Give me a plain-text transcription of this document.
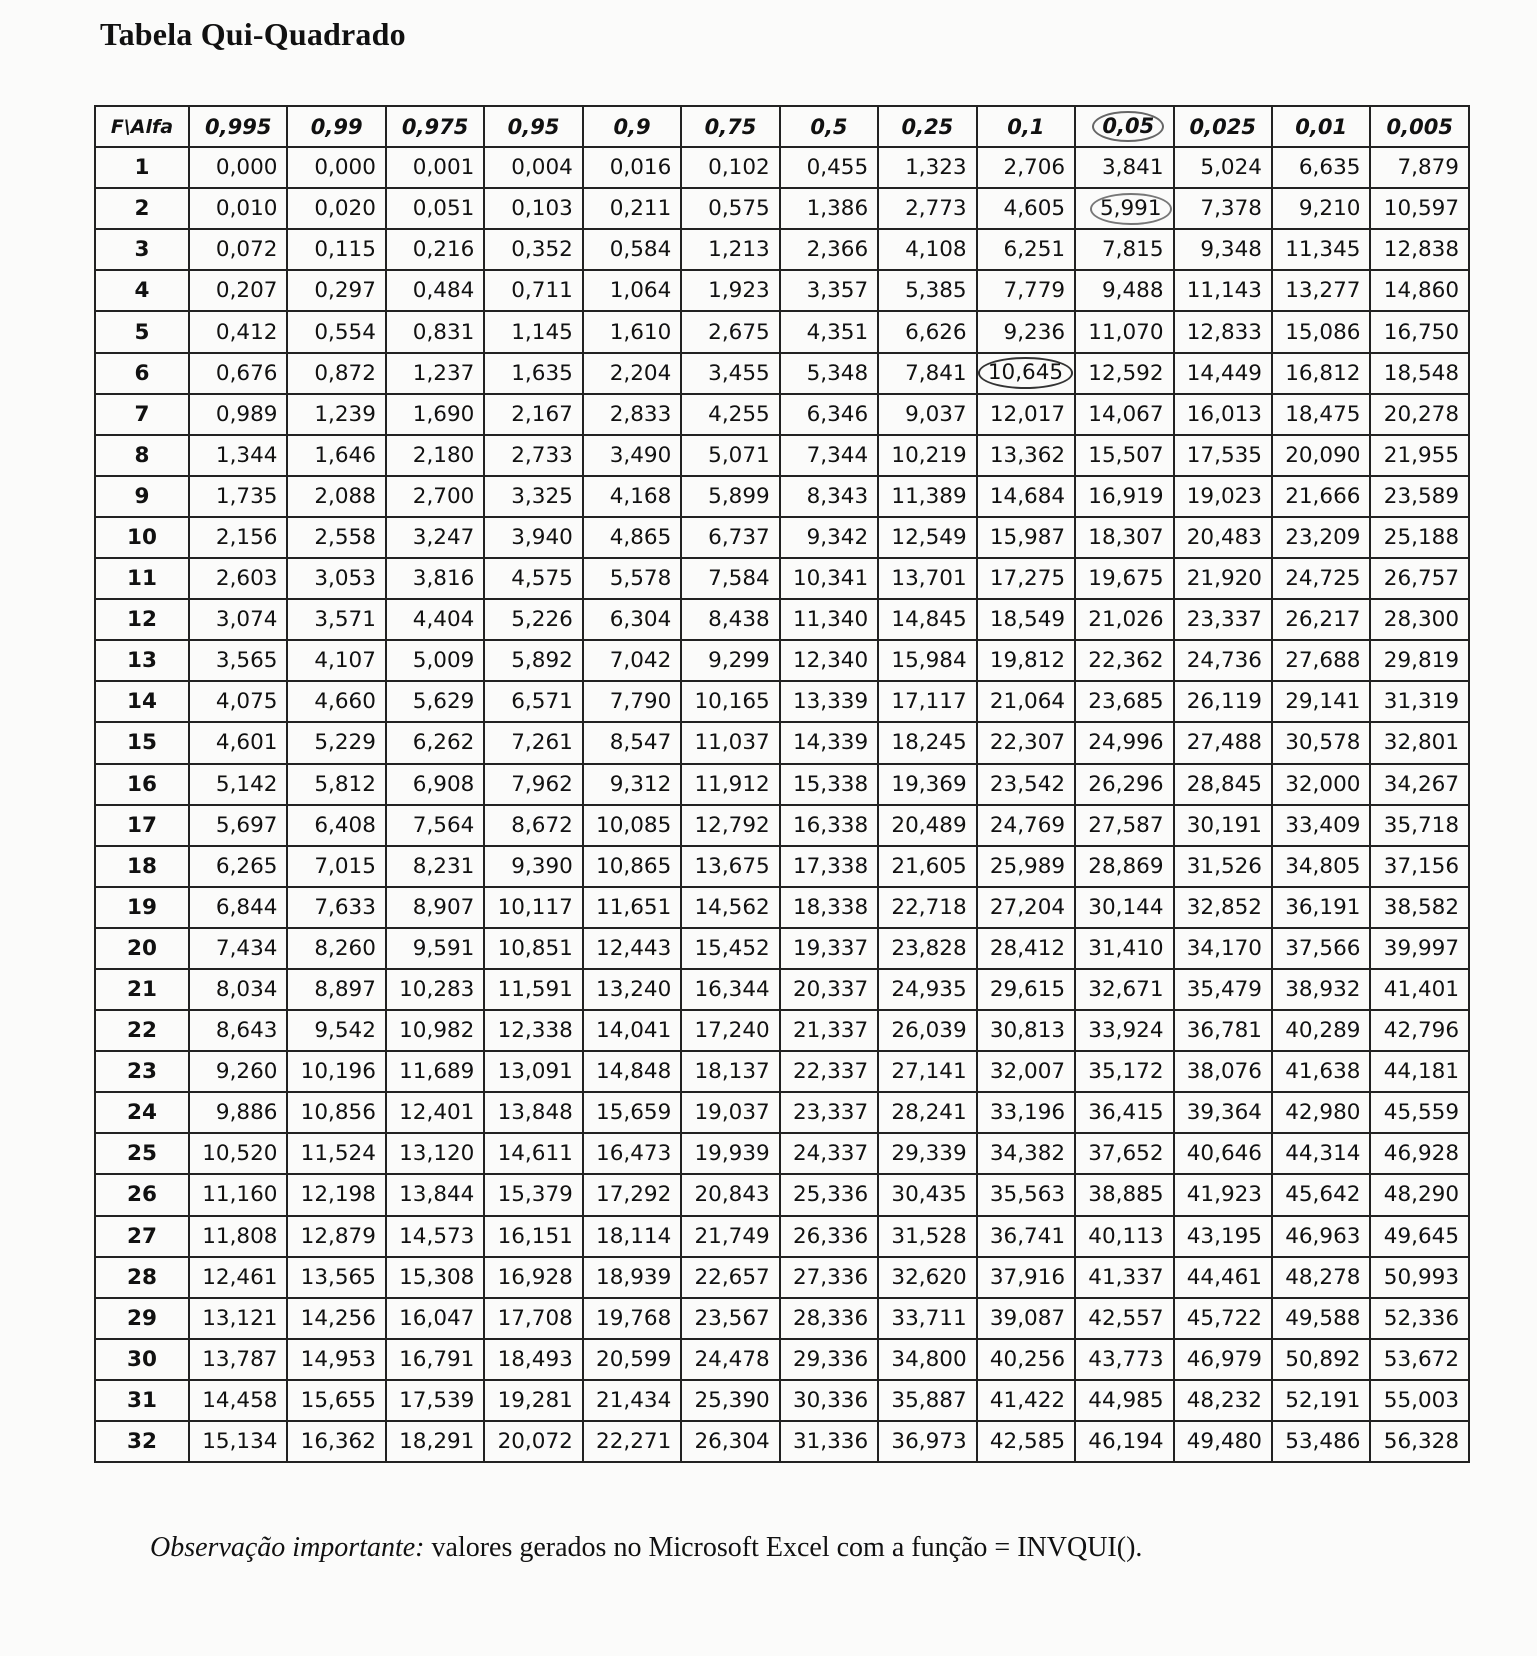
Tabela Qui-Quadrado
F\Alfa	0,995	0,99	0,975	0,95	0,9	0,75	0,5	0,25	0,1	0,05	0,025	0,01	0,005
1	0,000	0,000	0,001	0,004	0,016	0,102	0,455	1,323	2,706	3,841	5,024	6,635	7,879
2	0,010	0,020	0,051	0,103	0,211	0,575	1,386	2,773	4,605	5,991	7,378	9,210	10,597
3	0,072	0,115	0,216	0,352	0,584	1,213	2,366	4,108	6,251	7,815	9,348	11,345	12,838
4	0,207	0,297	0,484	0,711	1,064	1,923	3,357	5,385	7,779	9,488	11,143	13,277	14,860
5	0,412	0,554	0,831	1,145	1,610	2,675	4,351	6,626	9,236	11,070	12,833	15,086	16,750
6	0,676	0,872	1,237	1,635	2,204	3,455	5,348	7,841	10,645	12,592	14,449	16,812	18,548
7	0,989	1,239	1,690	2,167	2,833	4,255	6,346	9,037	12,017	14,067	16,013	18,475	20,278
8	1,344	1,646	2,180	2,733	3,490	5,071	7,344	10,219	13,362	15,507	17,535	20,090	21,955
9	1,735	2,088	2,700	3,325	4,168	5,899	8,343	11,389	14,684	16,919	19,023	21,666	23,589
10	2,156	2,558	3,247	3,940	4,865	6,737	9,342	12,549	15,987	18,307	20,483	23,209	25,188
11	2,603	3,053	3,816	4,575	5,578	7,584	10,341	13,701	17,275	19,675	21,920	24,725	26,757
12	3,074	3,571	4,404	5,226	6,304	8,438	11,340	14,845	18,549	21,026	23,337	26,217	28,300
13	3,565	4,107	5,009	5,892	7,042	9,299	12,340	15,984	19,812	22,362	24,736	27,688	29,819
14	4,075	4,660	5,629	6,571	7,790	10,165	13,339	17,117	21,064	23,685	26,119	29,141	31,319
15	4,601	5,229	6,262	7,261	8,547	11,037	14,339	18,245	22,307	24,996	27,488	30,578	32,801
16	5,142	5,812	6,908	7,962	9,312	11,912	15,338	19,369	23,542	26,296	28,845	32,000	34,267
17	5,697	6,408	7,564	8,672	10,085	12,792	16,338	20,489	24,769	27,587	30,191	33,409	35,718
18	6,265	7,015	8,231	9,390	10,865	13,675	17,338	21,605	25,989	28,869	31,526	34,805	37,156
19	6,844	7,633	8,907	10,117	11,651	14,562	18,338	22,718	27,204	30,144	32,852	36,191	38,582
20	7,434	8,260	9,591	10,851	12,443	15,452	19,337	23,828	28,412	31,410	34,170	37,566	39,997
21	8,034	8,897	10,283	11,591	13,240	16,344	20,337	24,935	29,615	32,671	35,479	38,932	41,401
22	8,643	9,542	10,982	12,338	14,041	17,240	21,337	26,039	30,813	33,924	36,781	40,289	42,796
23	9,260	10,196	11,689	13,091	14,848	18,137	22,337	27,141	32,007	35,172	38,076	41,638	44,181
24	9,886	10,856	12,401	13,848	15,659	19,037	23,337	28,241	33,196	36,415	39,364	42,980	45,559
25	10,520	11,524	13,120	14,611	16,473	19,939	24,337	29,339	34,382	37,652	40,646	44,314	46,928
26	11,160	12,198	13,844	15,379	17,292	20,843	25,336	30,435	35,563	38,885	41,923	45,642	48,290
27	11,808	12,879	14,573	16,151	18,114	21,749	26,336	31,528	36,741	40,113	43,195	46,963	49,645
28	12,461	13,565	15,308	16,928	18,939	22,657	27,336	32,620	37,916	41,337	44,461	48,278	50,993
29	13,121	14,256	16,047	17,708	19,768	23,567	28,336	33,711	39,087	42,557	45,722	49,588	52,336
30	13,787	14,953	16,791	18,493	20,599	24,478	29,336	34,800	40,256	43,773	46,979	50,892	53,672
31	14,458	15,655	17,539	19,281	21,434	25,390	30,336	35,887	41,422	44,985	48,232	52,191	55,003
32	15,134	16,362	18,291	20,072	22,271	26,304	31,336	36,973	42,585	46,194	49,480	53,486	56,328
Observação importante: valores gerados no Microsoft Excel com a função = INVQUI().
